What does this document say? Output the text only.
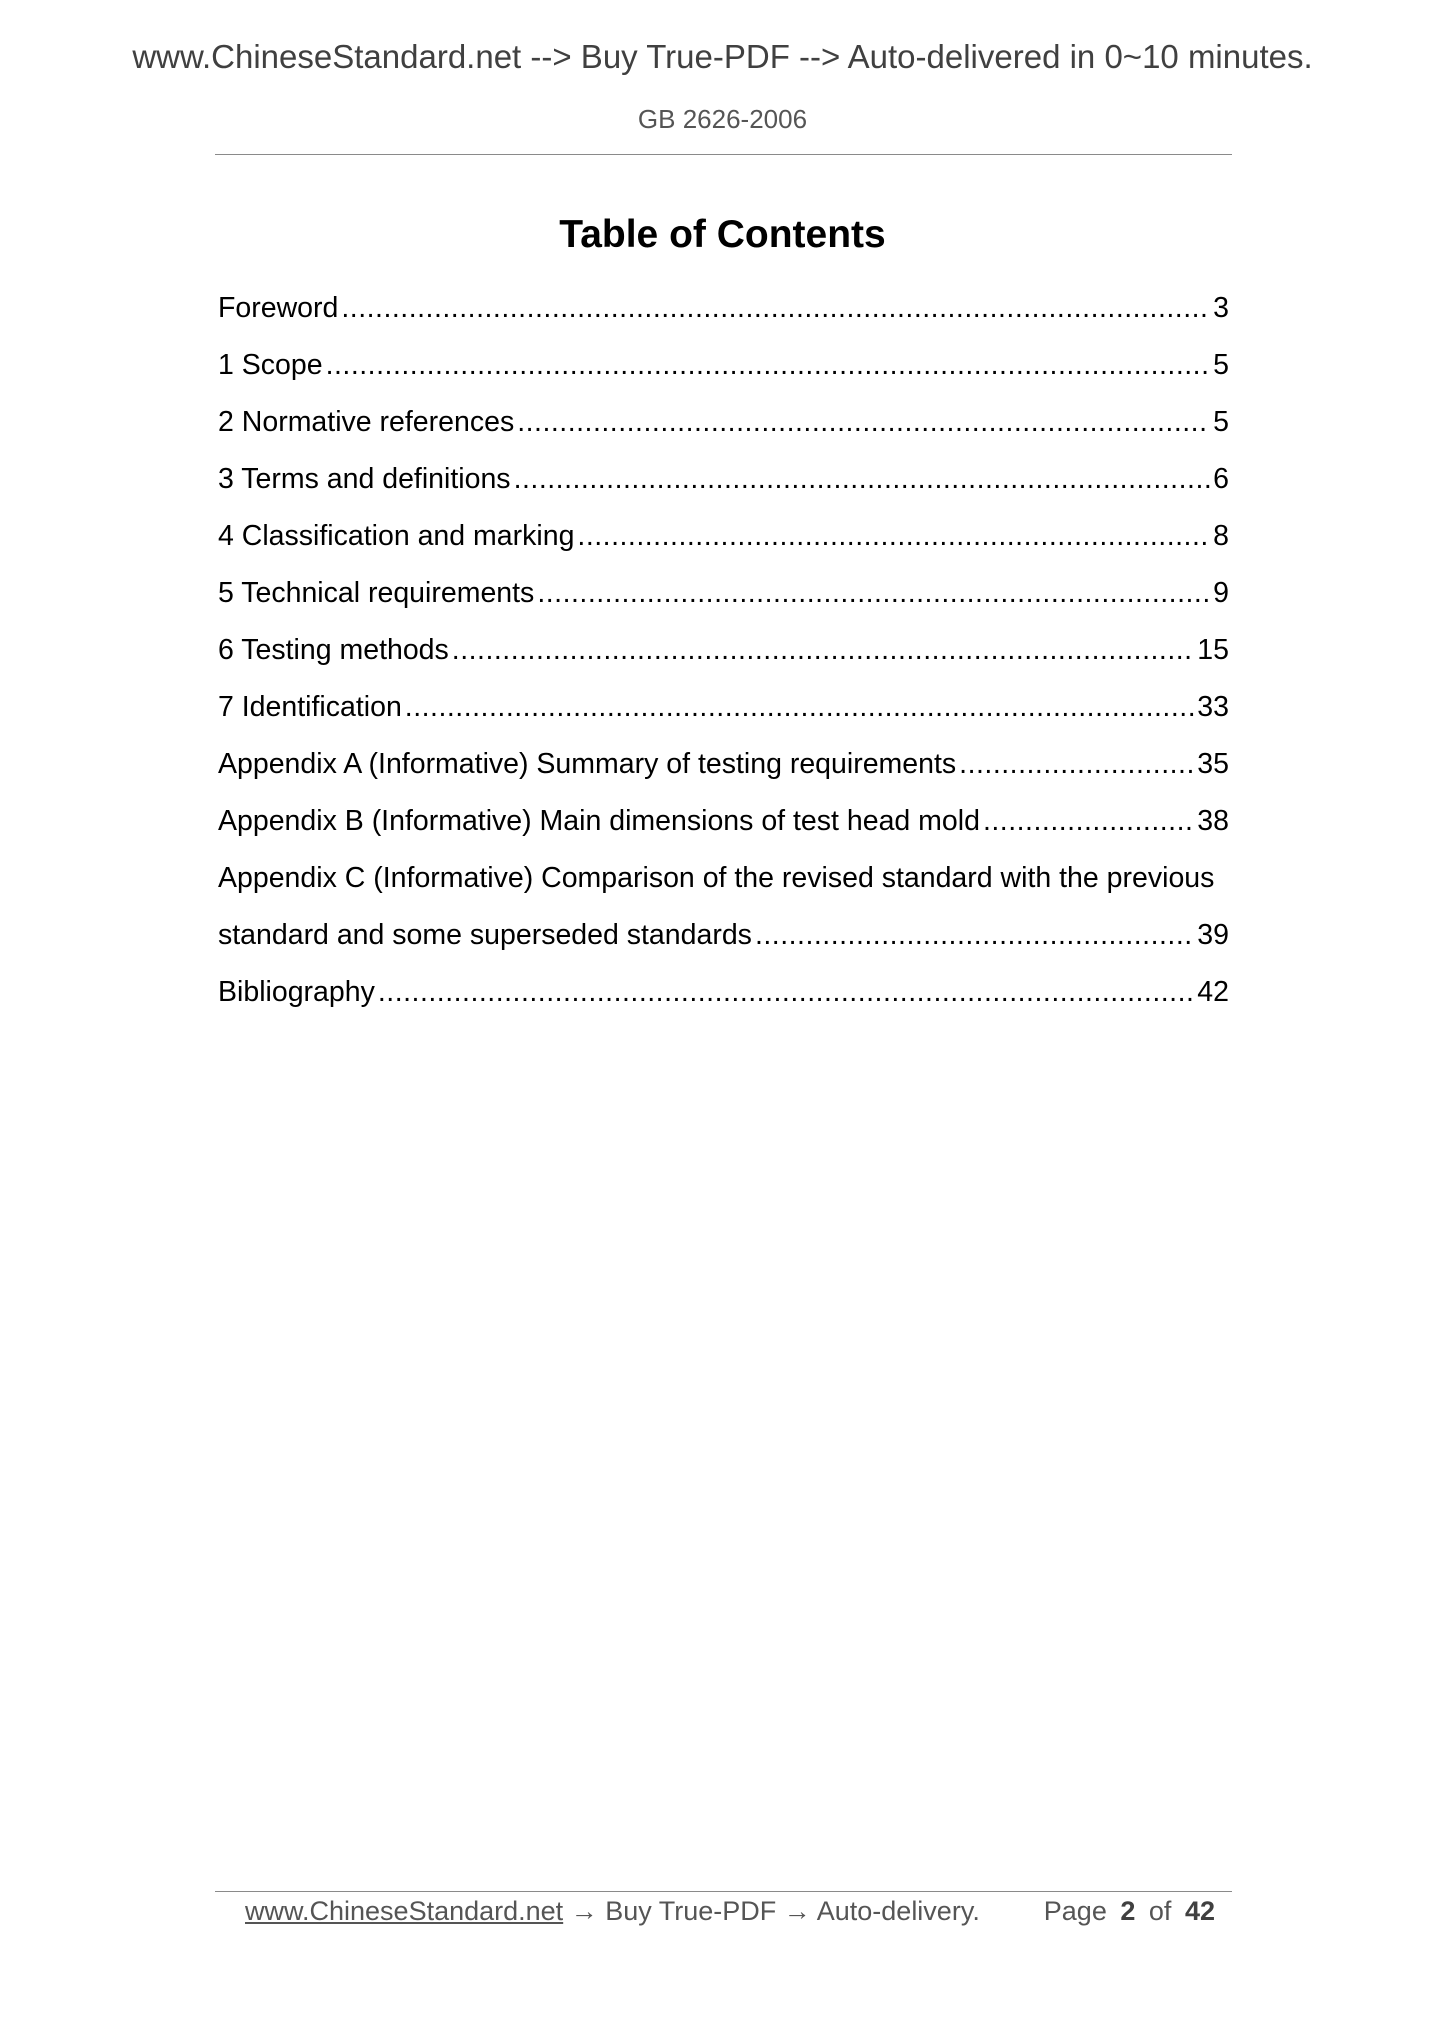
www.ChineseStandard.net --> Buy True-PDF --> Auto-delivered in 0~10 minutes.
GB 2626-2006
Table of Contents
Foreword .....	3
1 Scope .....	5
2 Normative references .....	5
3 Terms and definitions .....	6
4 Classification and marking .....	8
5 Technical requirements .....	9
6 Testing methods .....	15
7 Identification .....	33
Appendix A (Informative) Summary of testing requirements .....	35
Appendix B (Informative) Main dimensions of test head mold .....	38
Appendix C (Informative) Comparison of the revised standard with the previous
standard and some superseded standards .....	39
Bibliography .....	42
www.ChineseStandard.net → Buy True-PDF → Auto-delivery. Page 2 of 42
